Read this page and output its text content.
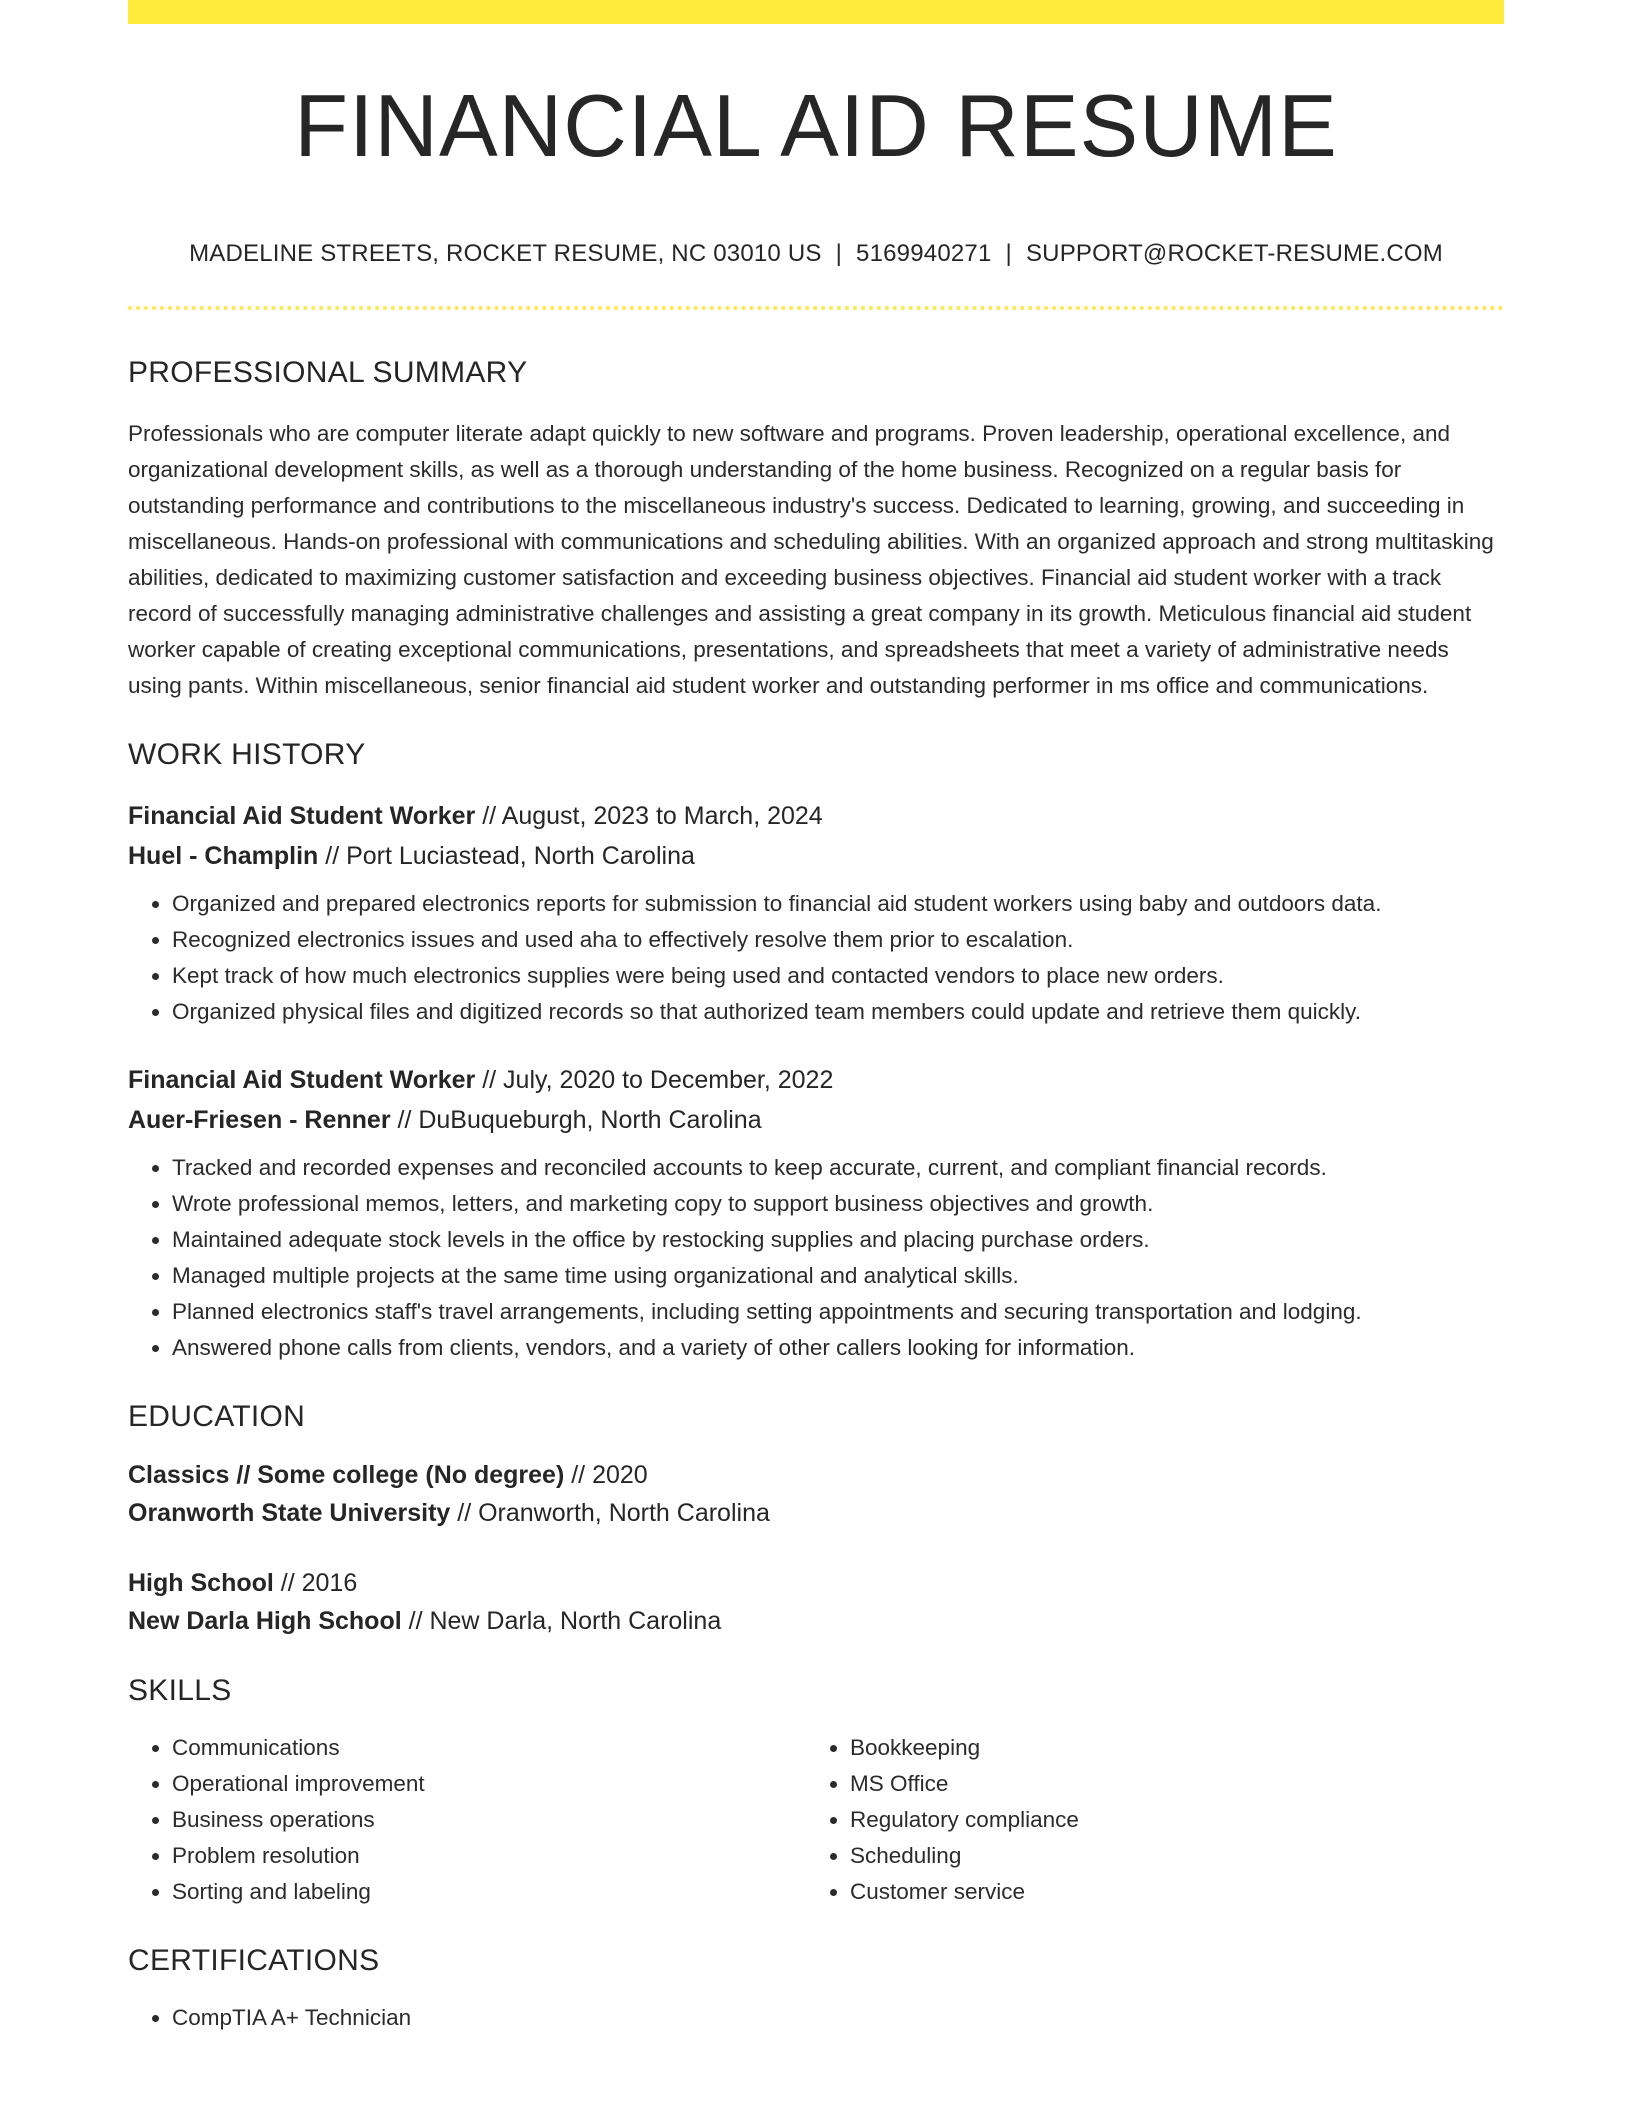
FINANCIAL AID RESUME
MADELINE STREETS, ROCKET RESUME, NC 03010 US | 5169940271 | SUPPORT@ROCKET-RESUME.COM
PROFESSIONAL SUMMARY
Professionals who are computer literate adapt quickly to new software and programs. Proven leadership, operational excellence, and organizational development skills, as well as a thorough understanding of the home business. Recognized on a regular basis for outstanding performance and contributions to the miscellaneous industry's success. Dedicated to learning, growing, and succeeding in miscellaneous. Hands-on professional with communications and scheduling abilities. With an organized approach and strong multitasking abilities, dedicated to maximizing customer satisfaction and exceeding business objectives. Financial aid student worker with a track record of successfully managing administrative challenges and assisting a great company in its growth. Meticulous financial aid student worker capable of creating exceptional communications, presentations, and spreadsheets that meet a variety of administrative needs using pants. Within miscellaneous, senior financial aid student worker and outstanding performer in ms office and communications.
WORK HISTORY
Financial Aid Student Worker // August, 2023 to March, 2024
Huel - Champlin // Port Luciastead, North Carolina
• Organized and prepared electronics reports for submission to financial aid student workers using baby and outdoors data.
• Recognized electronics issues and used aha to effectively resolve them prior to escalation.
• Kept track of how much electronics supplies were being used and contacted vendors to place new orders.
• Organized physical files and digitized records so that authorized team members could update and retrieve them quickly.
Financial Aid Student Worker // July, 2020 to December, 2022
Auer-Friesen - Renner // DuBuqueburgh, North Carolina
• Tracked and recorded expenses and reconciled accounts to keep accurate, current, and compliant financial records.
• Wrote professional memos, letters, and marketing copy to support business objectives and growth.
• Maintained adequate stock levels in the office by restocking supplies and placing purchase orders.
• Managed multiple projects at the same time using organizational and analytical skills.
• Planned electronics staff's travel arrangements, including setting appointments and securing transportation and lodging.
• Answered phone calls from clients, vendors, and a variety of other callers looking for information.
EDUCATION
Classics // Some college (No degree) // 2020
Oranworth State University // Oranworth, North Carolina
High School // 2016
New Darla High School // New Darla, North Carolina
SKILLS
• Communications
• Operational improvement
• Business operations
• Problem resolution
• Sorting and labeling
• Bookkeeping
• MS Office
• Regulatory compliance
• Scheduling
• Customer service
CERTIFICATIONS
• CompTIA A+ Technician
